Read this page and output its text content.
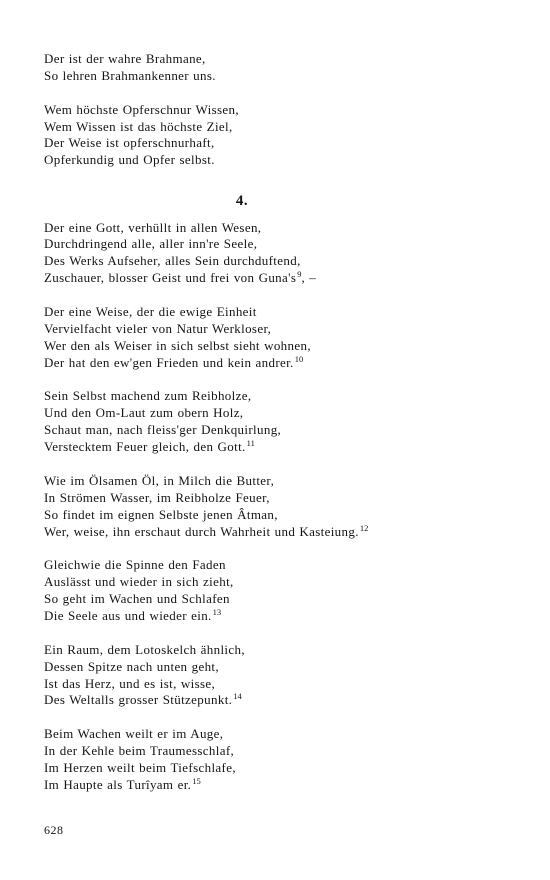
Der ist der wahre Brahmane,
So lehren Brahmankenner uns.
Wem höchste Opferschnur Wissen,
Wem Wissen ist das höchste Ziel,
Der Weise ist opferschnurhaft,
Opferkundig und Opfer selbst.
4.
Der eine Gott, verhüllt in allen Wesen,
Durchdringend alle, aller inn're Seele,
Des Werks Aufseher, alles Sein durchduftend,
Zuschauer, blosser Geist und frei von Guna's$^9$, –
Der eine Weise, der die ewige Einheit
Vervielfacht vieler von Natur Werkloser,
Wer den als Weiser in sich selbst sieht wohnen,
Der hat den ew'gen Frieden und kein andrer.$^{10}$
Sein Selbst machend zum Reibholze,
Und den Om-Laut zum obern Holz,
Schaut man, nach fleiss'ger Denkquirlung,
Verstecktem Feuer gleich, den Gott.$^{11}$
Wie im Ölsamen Öl, in Milch die Butter,
In Strömen Wasser, im Reibholze Feuer,
So findet im eignen Selbste jenen Âtman,
Wer, weise, ihn erschaut durch Wahrheit und Kasteiung.$^{12}$
Gleichwie die Spinne den Faden
Auslässt und wieder in sich zieht,
So geht im Wachen und Schlafen
Die Seele aus und wieder ein.$^{13}$
Ein Raum, dem Lotoskelch ähnlich,
Dessen Spitze nach unten geht,
Ist das Herz, und es ist, wisse,
Des Weltalls grosser Stützepunkt.$^{14}$
Beim Wachen weilt er im Auge,
In der Kehle beim Traumesschlaf,
Im Herzen weilt beim Tiefschlafe,
Im Haupte als Turîyam er.$^{15}$
628
